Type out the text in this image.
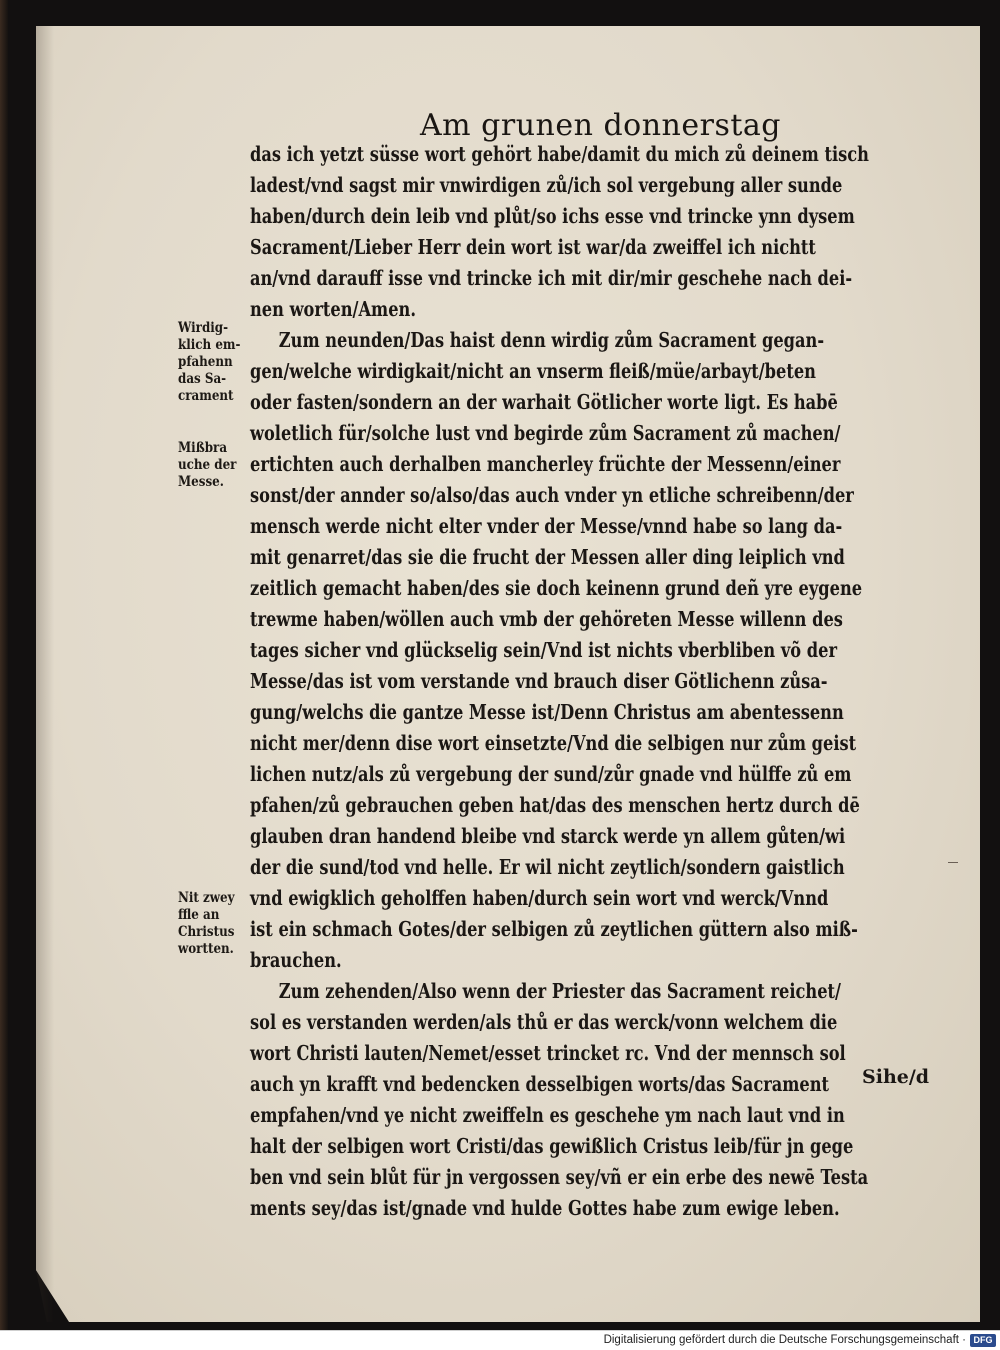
Am grunen donnerstag
das ich yetzt süsse wort gehört habe/damit du mich zů deinem tisch
ladest/vnd sagst mir vnwirdigen zů/ich sol vergebung aller sunde
haben/durch dein leib vnd plůt/so ichs esse vnd trincke ynn dysem
Sacrament/Lieber Herr dein wort ist war/da zweiffel ich nichtt
an/vnd darauff isse vnd trincke ich mit dir/mir geschehe nach dei-
nen worten/Amen.
Zum neunden/Das haist denn wirdig zům Sacrament gegan-
gen/welche wirdigkait/nicht an vnserm fleiß/müe/arbayt/beten
oder fasten/sondern an der warhait Götlicher worte ligt. Es habē
woletlich für/solche lust vnd begirde zům Sacrament zů machen/
ertichten auch derhalben mancherley früchte der Messenn/einer
sonst/der annder so/also/das auch vnder yn etliche schreibenn/der
mensch werde nicht elter vnder der Messe/vnnd habe so lang da-
mit genarret/das sie die frucht der Messen aller ding leiplich vnd
zeitlich gemacht haben/des sie doch keinenn grund deñ yre eygene
trewme haben/wöllen auch vmb der gehöreten Messe willenn des
tages sicher vnd glückselig sein/Vnd ist nichts vberbliben võ der
Messe/das ist vom verstande vnd brauch diser Götlichenn zůsa-
gung/welchs die gantze Messe ist/Denn Christus am abentessenn
nicht mer/denn dise wort einsetzte/Vnd die selbigen nur zům geist
lichen nutz/als zů vergebung der sund/zůr gnade vnd hülffe zů em
pfahen/zů gebrauchen geben hat/das des menschen hertz durch dē
glauben dran handend bleibe vnd starck werde yn allem gůten/wi
der die sund/tod vnd helle. Er wil nicht zeytlich/sondern gaistlich
vnd ewigklich geholffen haben/durch sein wort vnd werck/Vnnd
ist ein schmach Gotes/der selbigen zů zeytlichen güttern also miß-
brauchen.
Zum zehenden/Also wenn der Priester das Sacrament reichet/
sol es verstanden werden/als thů er das werck/vonn welchem die
wort Christi lauten/Nemet/esset trincket rc. Vnd der mennsch sol
auch yn krafft vnd bedencken desselbigen worts/das Sacrament
empfahen/vnd ye nicht zweiffeln es geschehe ym nach laut vnd in
halt der selbigen wort Cristi/das gewißlich Cristus leib/für jn gege
ben vnd sein blůt für jn vergossen sey/vñ er ein erbe des newē Testa
ments sey/das ist/gnade vnd hulde Gottes habe zum ewige leben.
Wirdig-
klich em-
pfahenn
das Sa-
crament
Mißbra
uche der
Messe.
Nit zwey
ffle an
Christus
wortten.
Sihe/d
Digitalisierung gefördert durch die Deutsche Forschungsgemeinschaft · DFG
